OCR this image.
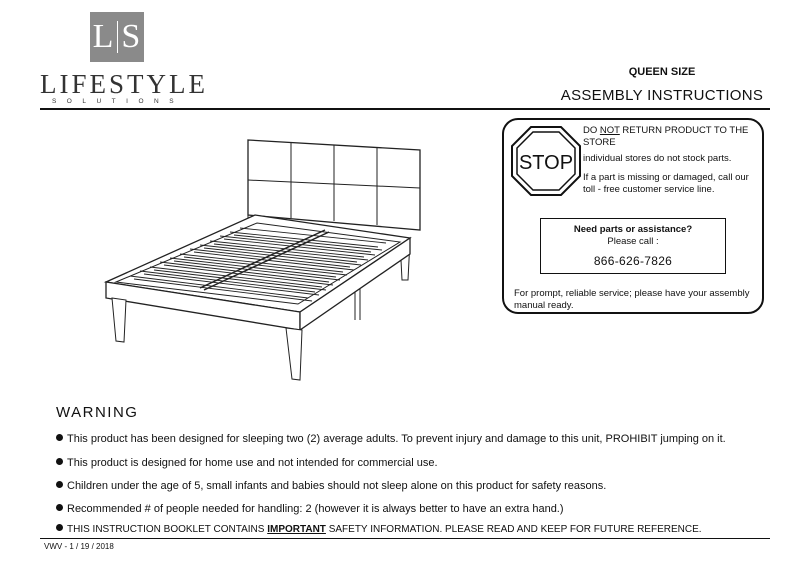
L S
LIFESTYLE
SOLUTIONS
QUEEN SIZE
ASSEMBLY INSTRUCTIONS
STOP
DO NOT RETURN PRODUCT TO THE STORE
individual stores do not stock parts.
If a part is missing or damaged, call our toll - free customer service line.
Need parts or assistance?
Please call :
866-626-7826
For prompt, reliable service; please have your assembly manual ready.
WARNING
This product has been designed for sleeping two (2) average adults. To prevent injury and damage to this unit, PROHIBIT jumping on it.
This product is designed for home use and not intended for commercial use.
Children under the age of 5, small infants and babies should not sleep alone on this product for safety reasons.
Recommended # of people needed for handling: 2 (however it is always better to have an extra hand.)
THIS INSTRUCTION BOOKLET CONTAINS IMPORTANT SAFETY INFORMATION. PLEASE READ AND KEEP FOR FUTURE REFERENCE.
VWV - 1 / 19 / 2018
